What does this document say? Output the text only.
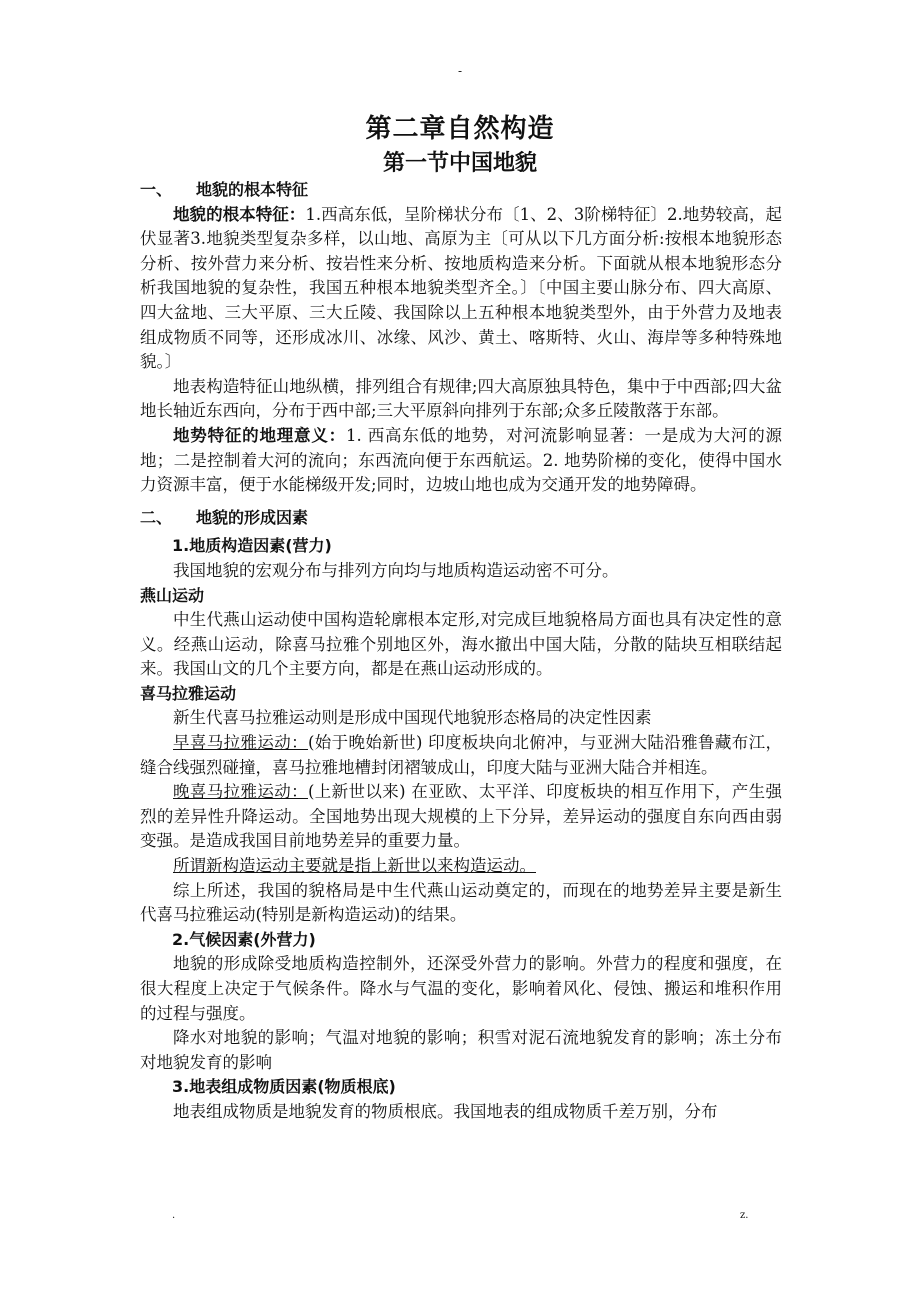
-
第二章自然构造
第一节中国地貌

一、　　地貌的根本特征

地貌的根本特征：1.西高东低，呈阶梯状分布〔1、2、3阶梯特征〕2.地势较高，起伏显著3.地貌类型复杂多样，以山地、高原为主〔可从以下几方面分析:按根本地貌形态分析、按外营力来分析、按岩性来分析、按地质构造来分析。下面就从根本地貌形态分析我国地貌的复杂性，我国五种根本地貌类型齐全。〕〔中国主要山脉分布、四大高原、四大盆地、三大平原、三大丘陵、我国除以上五种根本地貌类型外，由于外营力及地表组成物质不同等，还形成冰川、冰缘、风沙、黄土、喀斯特、火山、海岸等多种特殊地貌。〕

地表构造特征山地纵横，排列组合有规律;四大高原独具特色，集中于中西部;四大盆地长轴近东西向，分布于西中部;三大平原斜向排列于东部;众多丘陵散落于东部。

地势特征的地理意义：1. 西高东低的地势，对河流影响显著：一是成为大河的源地；二是控制着大河的流向；东西流向便于东西航运。2. 地势阶梯的变化，使得中国水力资源丰富，便于水能梯级开发;同时，边坡山地也成为交通开发的地势障碍。

二、　　地貌的形成因素

1.地质构造因素(营力)

我国地貌的宏观分布与排列方向均与地质构造运动密不可分。

燕山运动

中生代燕山运动使中国构造轮廓根本定形,对完成巨地貌格局方面也具有决定性的意义。经燕山运动，除喜马拉雅个别地区外，海水撤出中国大陆，分散的陆块互相联结起来。我国山文的几个主要方向，都是在燕山运动形成的。

喜马拉雅运动

新生代喜马拉雅运动则是形成中国现代地貌形态格局的决定性因素

早喜马拉雅运动：(始于晚始新世) 印度板块向北俯冲，与亚洲大陆沿雅鲁藏布江，缝合线强烈碰撞，喜马拉雅地槽封闭褶皱成山，印度大陆与亚洲大陆合并相连。

晚喜马拉雅运动：(上新世以来) 在亚欧、太平洋、印度板块的相互作用下，产生强烈的差异性升降运动。全国地势出现大规模的上下分异，差异运动的强度自东向西由弱变强。是造成我国目前地势差异的重要力量。

所谓新构造运动主要就是指上新世以来构造运动。

综上所述，我国的貌格局是中生代燕山运动奠定的，而现在的地势差异主要是新生代喜马拉雅运动(特别是新构造运动)的结果。

2.气候因素(外营力)

地貌的形成除受地质构造控制外，还深受外营力的影响。外营力的程度和强度，在很大程度上决定于气候条件。降水与气温的变化，影响着风化、侵蚀、搬运和堆积作用的过程与强度。

降水对地貌的影响；气温对地貌的影响；积雪对泥石流地貌发育的影响；冻土分布对地貌发育的影响

3.地表组成物质因素(物质根底)

地表组成物质是地貌发育的物质根底。我国地表的组成物质千差万别，分布

.	z.
